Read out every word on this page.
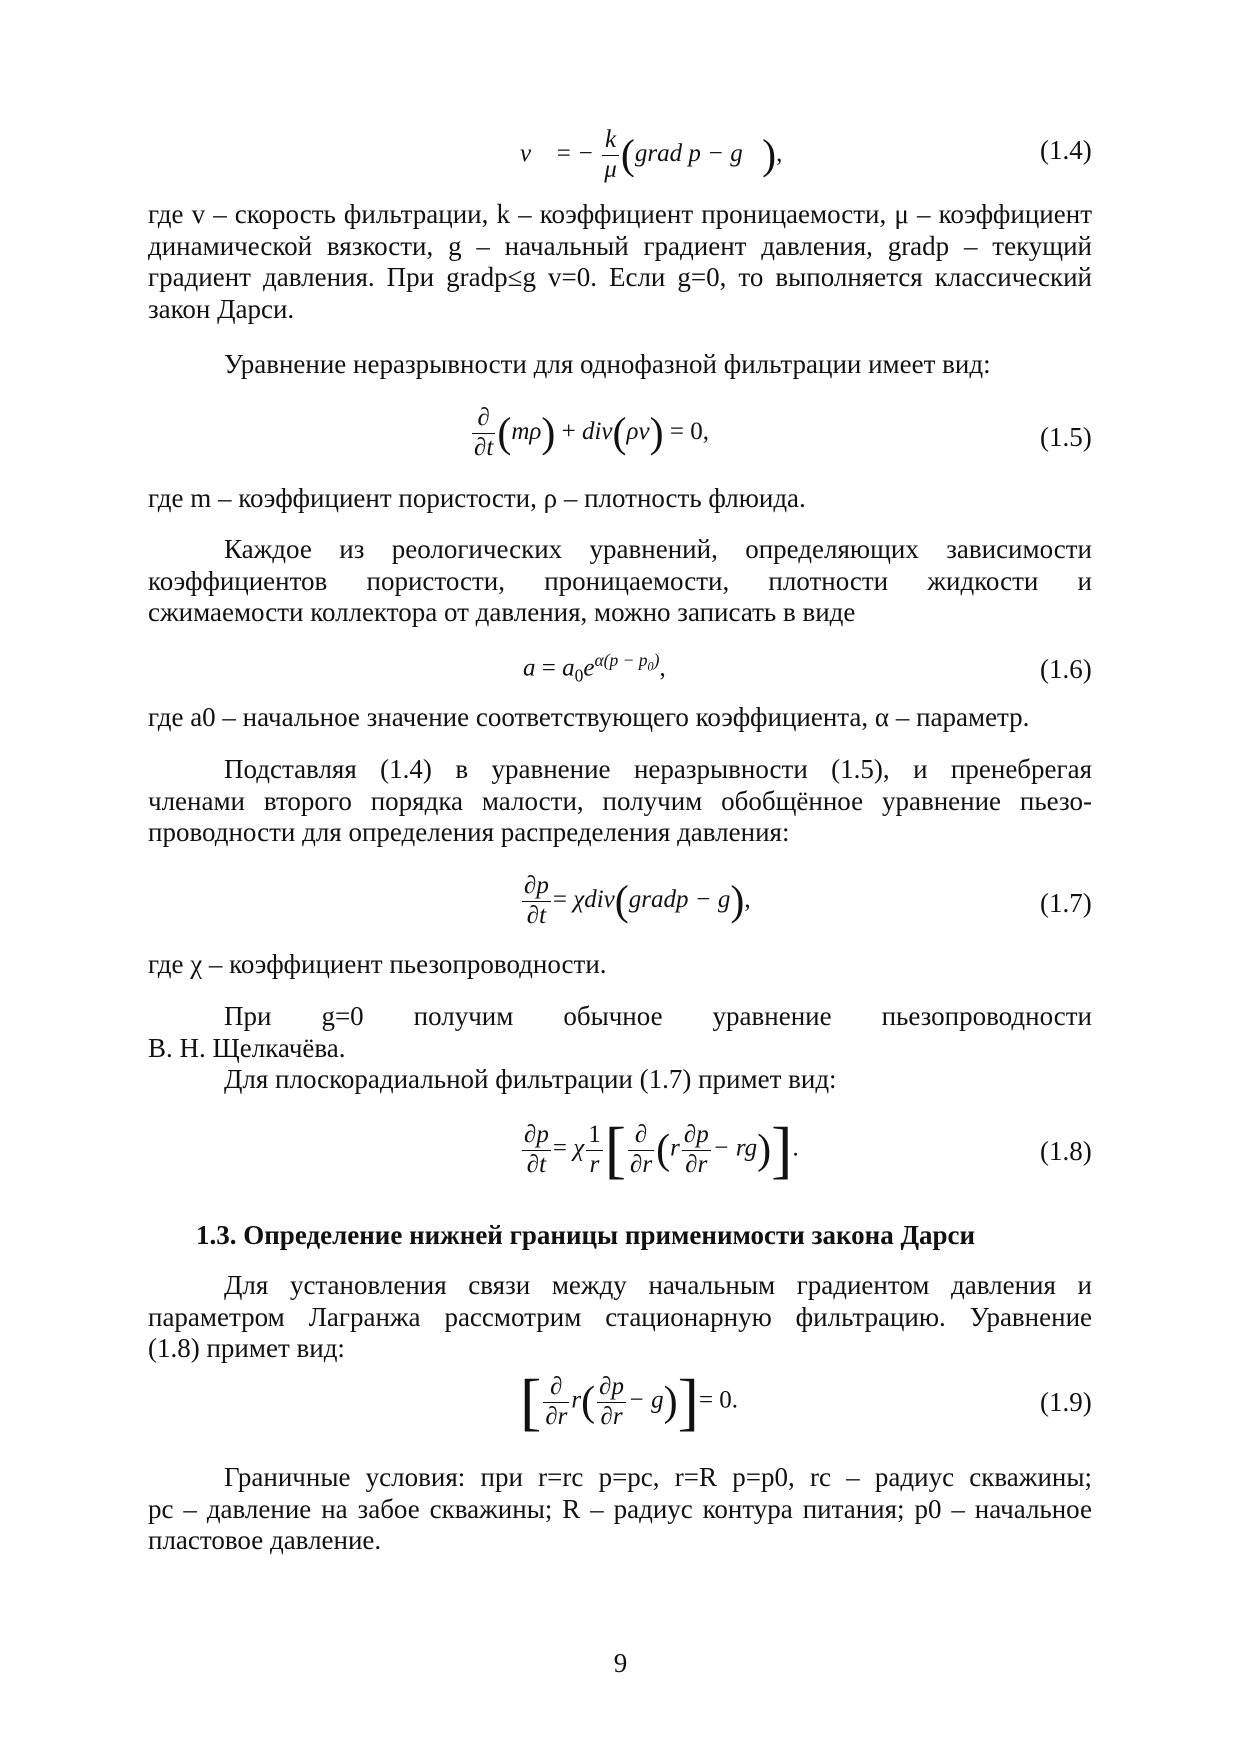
v⃗ = − $\frac{k}{\mu}$ (grad p − g⃗),	(1.4)
где v – скорость фильтрации, k – коэффициент проницаемости, μ – коэффициент
динамической вязкости, g – начальный градиент давления, gradp – текущий
градиент давления. При gradp≤g v=0. Если g=0, то выполняется классический
закон Дарси.
Уравнение неразрывности для однофазной фильтрации имеет вид:
$\frac{\partial}{\partial t} (m\rho) + div(\rho v) = 0$,	(1.5)
где m – коэффициент пористости, ρ – плотность флюида.
Каждое из реологических уравнений, определяющих зависимости
коэффициентов пористости, проницаемости, плотности жидкости и
сжимаемости коллектора от давления, можно записать в виде
$a = a_0e^{\alpha(p - p_0)}$,	(1.6)
где a0 – начальное значение соответствующего коэффициента, α – параметр.
Подставляя (1.4) в уравнение неразрывности (1.5), и пренебрегая
членами второго порядка малости, получим обобщённое уравнение пьезо-
проводности для определения распределения давления:
$\frac{\partial p}{\partial t}$ = χdiv(gradp − g),	(1.7)
где χ – коэффициент пьезопроводности.
При g=0 получим обычное уравнение пьезопроводности
В. Н. Щелкачёва.
Для плоскорадиальной фильтрации (1.7) примет вид:
$\frac{\partial p}{\partial t} = \chi \frac{1}{r}$ [ $\frac{\partial}{\partial r} (r \frac{\partial p}{\partial r} - rg)$].	(1.8)
1.3. Определение нижней границы применимости закона Дарси
Для установления связи между начальным градиентом давления и
параметром Лагранжа рассмотрим стационарную фильтрацию. Уравнение
(1.8) примет вид:
[ $\frac{\partial}{\partial r} r( \frac{\partial p}{\partial r} - g)]= 0$.	(1.9)
Граничные условия: при r=rc p=pc, r=R p=p0, rc – радиус скважины;
pc – давление на забое скважины; R – радиус контура питания; p0 – начальное
пластовое давление.
9
